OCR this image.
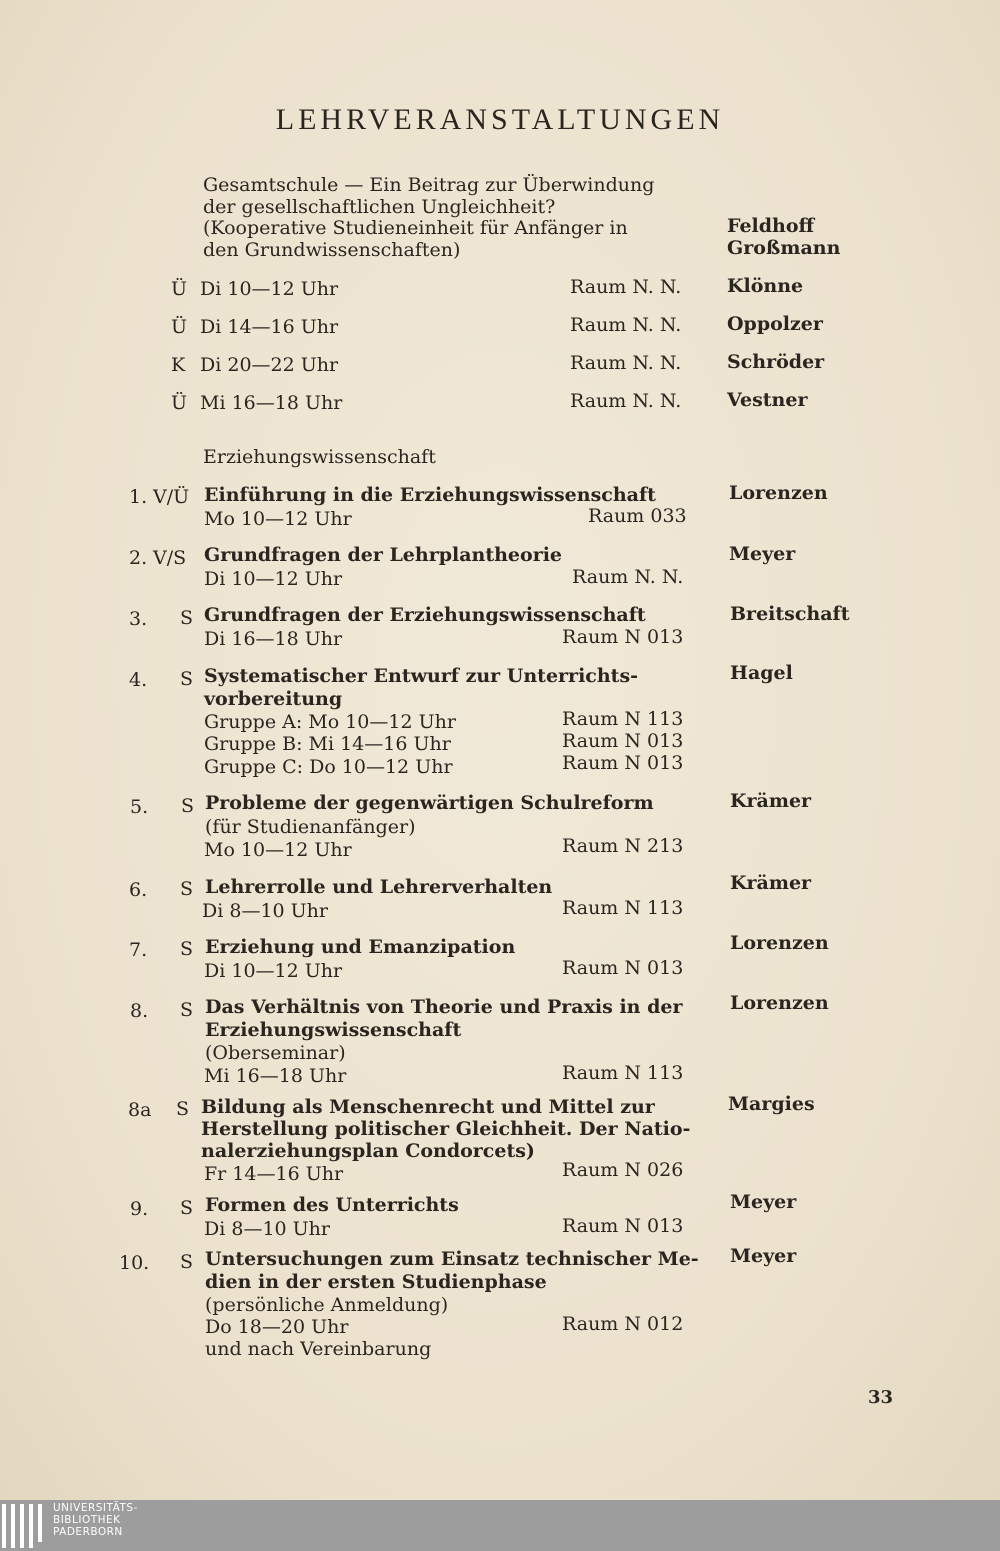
LEHRVERANSTALTUNGEN
Gesamtschule — Ein Beitrag zur Überwindung
der gesellschaftlichen Ungleichheit?
(Kooperative Studieneinheit für Anfänger in
den Grundwissenschaften)
Feldhoff
Großmann
Ü Di 10—12 Uhr	Raum N. N. Klönne
Ü Di 14—16 Uhr	Raum N. N. Oppolzer
K Di 20—22 Uhr	Raum N. N. Schröder
Ü Mi 16—18 Uhr	Raum N. N. Vestner
Erziehungswissenschaft
1. V/Ü Einführung in die Erziehungswissenschaft
Mo 10—12 Uhr	Raum 033
Lorenzen
2. V/S Grundfragen der Lehrplantheorie
Di 10—12 Uhr	Raum N. N.
Meyer
3. S Grundfragen der Erziehungswissenschaft
Di 16—18 Uhr	Raum N 013
Breitschaft
4. S Systematischer Entwurf zur Unterrichts-
vorbereitung
Gruppe A: Mo 10—12 Uhr	Raum N 113
Gruppe B: Mi 14—16 Uhr	Raum N 013
Gruppe C: Do 10—12 Uhr	Raum N 013
Hagel
5. S Probleme der gegenwärtigen Schulreform
(für Studienanfänger)
Mo 10—12 Uhr	Raum N 213
Krämer
6. S Lehrerrolle und Lehrerverhalten
Di 8—10 Uhr	Raum N 113
Krämer
7. S Erziehung und Emanzipation
Di 10—12 Uhr	Raum N 013
Lorenzen
8. S Das Verhältnis von Theorie und Praxis in der
Erziehungswissenschaft
(Oberseminar)
Mi 16—18 Uhr	Raum N 113
Lorenzen
8a S Bildung als Menschenrecht und Mittel zur
Herstellung politischer Gleichheit. Der Natio-
nalerziehungsplan Condorcets)
Fr 14—16 Uhr	Raum N 026
Margies
9. S Formen des Unterrichts
Di 8—10 Uhr	Raum N 013
Meyer
10. S Untersuchungen zum Einsatz technischer Me-
dien in der ersten Studienphase
(persönliche Anmeldung)
Do 18—20 Uhr	Raum N 012
und nach Vereinbarung
Meyer
33
UNIVERSITÄTS-
BIBLIOTHEK
PADERBORN
